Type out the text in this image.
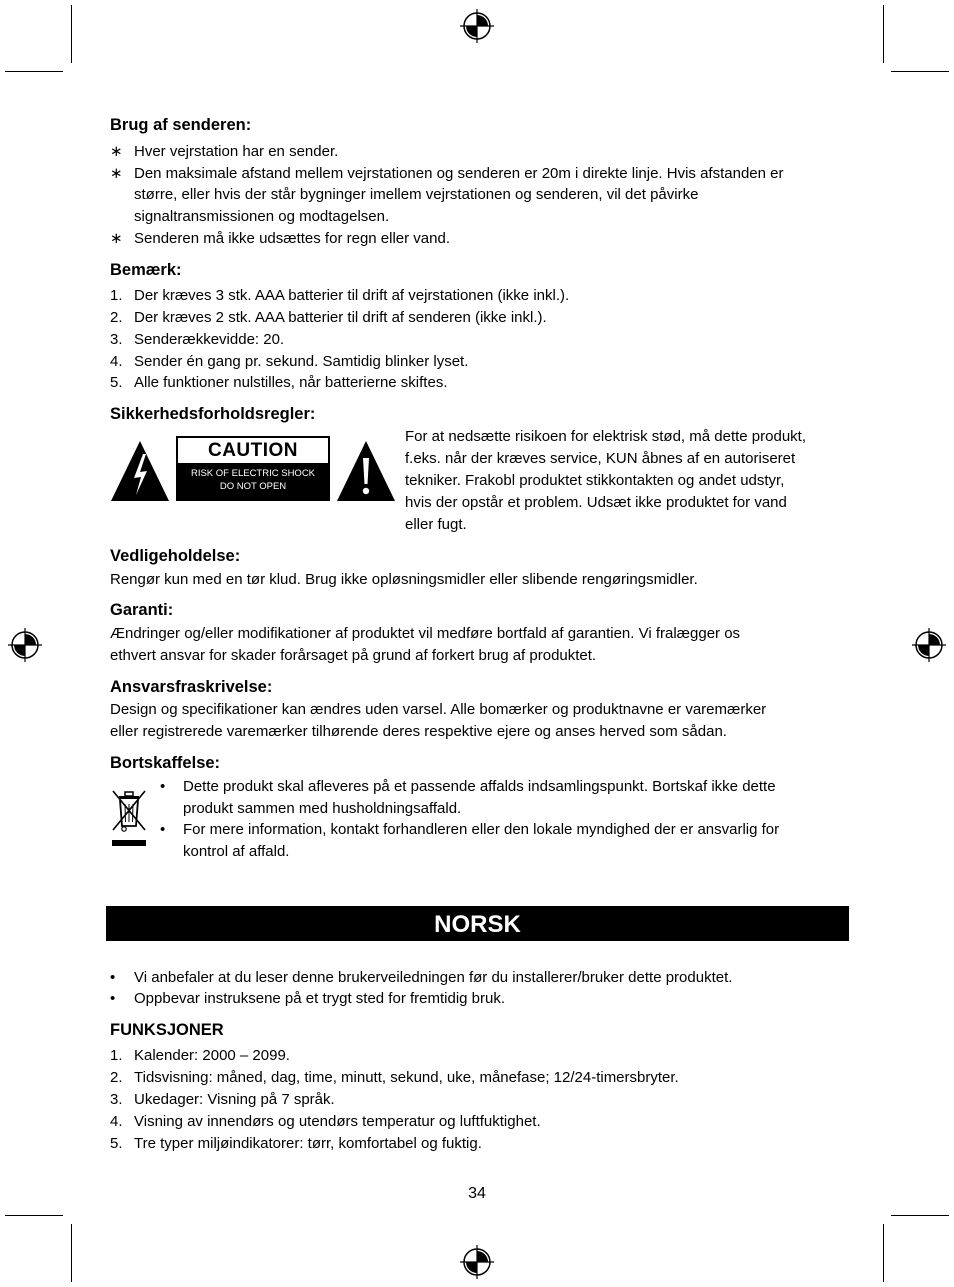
Brug af senderen:
∗ Hver vejrstation har en sender.
∗ Den maksimale afstand mellem vejrstationen og senderen er 20m i direkte linje. Hvis afstanden er
større, eller hvis der står bygninger imellem vejrstationen og senderen, vil det påvirke
signaltransmissionen og modtagelsen.
∗ Senderen må ikke udsættes for regn eller vand.
Bemærk:
1. Der kræves 3 stk. AAA batterier til drift af vejrstationen (ikke inkl.).
2. Der kræves 2 stk. AAA batterier til drift af senderen (ikke inkl.).
3. Senderækkevidde: 20.
4. Sender én gang pr. sekund. Samtidig blinker lyset.
5. Alle funktioner nulstilles, når batterierne skiftes.
Sikkerhedsforholdsregler:
CAUTION
RISK OF ELECTRIC SHOCK
DO NOT OPEN
For at nedsætte risikoen for elektrisk stød, må dette produkt,
f.eks. når der kræves service, KUN åbnes af en autoriseret
tekniker. Frakobl produktet stikkontakten og andet udstyr,
hvis der opstår et problem. Udsæt ikke produktet for vand
eller fugt.
Vedligeholdelse:
Rengør kun med en tør klud. Brug ikke opløsningsmidler eller slibende rengøringsmidler.
Garanti:
Ændringer og/eller modifikationer af produktet vil medføre bortfald af garantien. Vi fralægger os
ethvert ansvar for skader forårsaget på grund af forkert brug af produktet.
Ansvarsfraskrivelse:
Design og specifikationer kan ændres uden varsel. Alle bomærker og produktnavne er varemærker
eller registrerede varemærker tilhørende deres respektive ejere og anses herved som sådan.
Bortskaffelse:
• Dette produkt skal afleveres på et passende affalds indsamlingspunkt. Bortskaf ikke dette
produkt sammen med husholdningsaffald.
• For mere information, kontakt forhandleren eller den lokale myndighed der er ansvarlig for
kontrol af affald.
NORSK
• Vi anbefaler at du leser denne brukerveiledningen før du installerer/bruker dette produktet.
• Oppbevar instruksene på et trygt sted for fremtidig bruk.
FUNKSJONER
1. Kalender: 2000 – 2099.
2. Tidsvisning: måned, dag, time, minutt, sekund, uke, månefase; 12/24-timersbryter.
3. Ukedager: Visning på 7 språk.
4. Visning av innendørs og utendørs temperatur og luftfuktighet.
5. Tre typer miljøindikatorer: tørr, komfortabel og fuktig.
34
